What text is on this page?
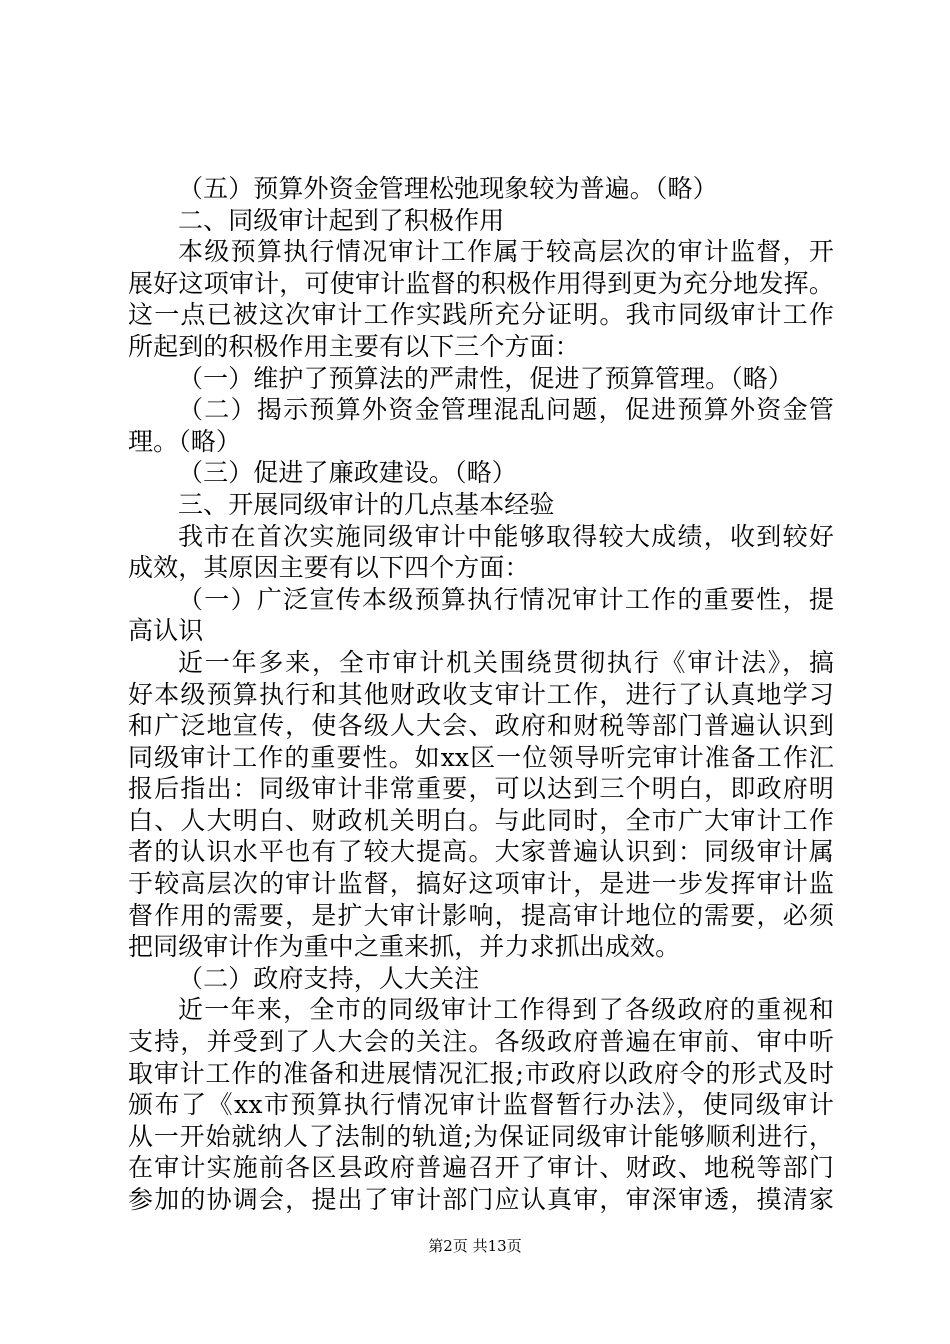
（五）预算外资金管理松弛现象较为普遍。（略）
二、同级审计起到了积极作用
本级预算执行情况审计工作属于较高层次的审计监督，开
展好这项审计，可使审计监督的积极作用得到更为充分地发挥。
这一点已被这次审计工作实践所充分证明。我市同级审计工作
所起到的积极作用主要有以下三个方面：
（一）维护了预算法的严肃性，促进了预算管理。（略）
（二）揭示预算外资金管理混乱问题，促进预算外资金管
理。（略）
（三）促进了廉政建设。（略）
三、开展同级审计的几点基本经验
我市在首次实施同级审计中能够取得较大成绩，收到较好
成效，其原因主要有以下四个方面：
（一）广泛宣传本级预算执行情况审计工作的重要性，提
高认识
近一年多来，全市审计机关围绕贯彻执行《审计法》，搞
好本级预算执行和其他财政收支审计工作，进行了认真地学习
和广泛地宣传，使各级人大会、政府和财税等部门普遍认识到
同级审计工作的重要性。如xx区一位领导听完审计准备工作汇
报后指出：同级审计非常重要，可以达到三个明白，即政府明
白、人大明白、财政机关明白。与此同时，全市广大审计工作
者的认识水平也有了较大提高。大家普遍认识到：同级审计属
于较高层次的审计监督，搞好这项审计，是进一步发挥审计监
督作用的需要，是扩大审计影响，提高审计地位的需要，必须
把同级审计作为重中之重来抓，并力求抓出成效。
（二）政府支持，人大关注
近一年来，全市的同级审计工作得到了各级政府的重视和
支持，并受到了人大会的关注。各级政府普遍在审前、审中听
取审计工作的准备和进展情况汇报;市政府以政府令的形式及时
颁布了《xx市预算执行情况审计监督暂行办法》，使同级审计
从一开始就纳人了法制的轨道;为保证同级审计能够顺利进行，
在审计实施前各区县政府普遍召开了审计、财政、地税等部门
参加的协调会，提出了审计部门应认真审，审深审透，摸清家
第2页 共13页
